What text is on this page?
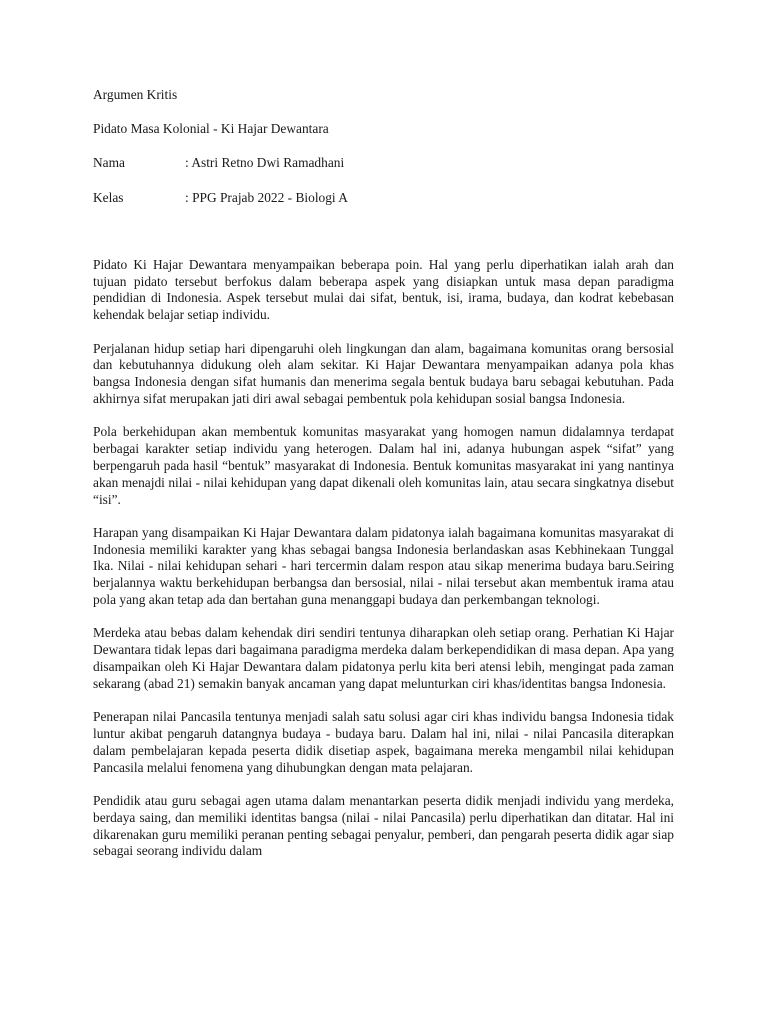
Argumen Kritis
Pidato Masa Kolonial - Ki Hajar Dewantara
Nama	: Astri Retno Dwi Ramadhani
Kelas	: PPG Prajab 2022 - Biologi A

Pidato Ki Hajar Dewantara menyampaikan beberapa poin. Hal yang perlu diperhatikan ialah arah dan tujuan pidato tersebut berfokus dalam beberapa aspek yang disiapkan untuk masa depan paradigma pendidian di Indonesia. Aspek tersebut mulai dai sifat, bentuk, isi, irama, budaya, dan kodrat kebebasan kehendak belajar setiap individu.

Perjalanan hidup setiap hari dipengaruhi oleh lingkungan dan alam, bagaimana komunitas orang bersosial dan kebutuhannya didukung oleh alam sekitar. Ki Hajar Dewantara menyampaikan adanya pola khas bangsa Indonesia dengan sifat humanis dan menerima segala bentuk budaya baru sebagai kebutuhan. Pada akhirnya sifat merupakan jati diri awal sebagai pembentuk pola kehidupan sosial bangsa Indonesia.

Pola berkehidupan akan membentuk komunitas masyarakat yang homogen namun didalamnya terdapat berbagai karakter setiap individu yang heterogen. Dalam hal ini, adanya hubungan aspek “sifat” yang berpengaruh pada hasil “bentuk” masyarakat di Indonesia. Bentuk komunitas masyarakat ini yang nantinya akan menajdi nilai - nilai kehidupan yang dapat dikenali oleh komunitas lain, atau secara singkatnya disebut “isi”.

Harapan yang disampaikan Ki Hajar Dewantara dalam pidatonya ialah bagaimana komunitas masyarakat di Indonesia memiliki karakter yang khas sebagai bangsa Indonesia berlandaskan asas Kebhinekaan Tunggal Ika. Nilai - nilai kehidupan sehari - hari tercermin dalam respon atau sikap menerima budaya baru.Seiring berjalannya waktu berkehidupan berbangsa dan bersosial, nilai - nilai tersebut akan membentuk irama atau pola yang akan tetap ada dan bertahan guna menanggapi budaya dan perkembangan teknologi.

Merdeka atau bebas dalam kehendak diri sendiri tentunya diharapkan oleh setiap orang. Perhatian Ki Hajar Dewantara tidak lepas dari bagaimana paradigma merdeka dalam berkependidikan di masa depan. Apa yang disampaikan oleh Ki Hajar Dewantara dalam pidatonya perlu kita beri atensi lebih, mengingat pada zaman sekarang (abad 21) semakin banyak ancaman yang dapat melunturkan ciri khas/identitas bangsa Indonesia.

Penerapan nilai Pancasila tentunya menjadi salah satu solusi agar ciri khas individu bangsa Indonesia tidak luntur akibat pengaruh datangnya budaya - budaya baru. Dalam hal ini, nilai - nilai Pancasila diterapkan dalam pembelajaran kepada peserta didik disetiap aspek, bagaimana mereka mengambil nilai kehidupan Pancasila melalui fenomena yang dihubungkan dengan mata pelajaran.

Pendidik atau guru sebagai agen utama dalam menantarkan peserta didik menjadi individu yang merdeka, berdaya saing, dan memiliki identitas bangsa (nilai - nilai Pancasila) perlu diperhatikan dan ditatar. Hal ini dikarenakan guru memiliki peranan penting sebagai penyalur, pemberi, dan pengarah peserta didik agar siap sebagai seorang individu dalam
